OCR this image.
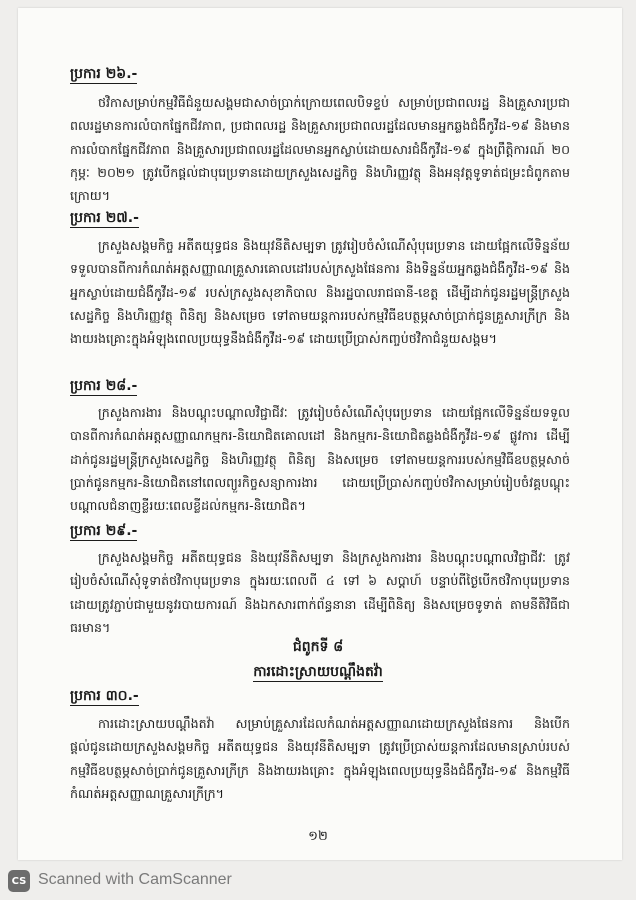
ប្រការ ២៦.-
ថវិកាសម្រាប់កម្មវិធីជំនួយសង្គមជាសាច់ប្រាក់ក្រោយពេលបិទខ្ទប់ សម្រាប់ប្រជាពលរដ្ឋ និងគ្រួសារប្រជាពលរដ្ឋមានការលំបាកផ្នែកជីវភាព, ប្រជាពលរដ្ឋ និងគ្រួសារប្រជាពលរដ្ឋដែលមានអ្នកឆ្លងជំងឺកូវីដ-១៩ និងមានការលំបាកផ្នែកជីវភាព និងគ្រួសារប្រជាពលរដ្ឋដែលមានអ្នកស្លាប់ដោយសារជំងឺកូវីដ-១៩ ក្នុងព្រឹត្តិការណ៍ ២០ កុម្ភៈ ២០២១ ត្រូវបើកផ្តល់ជាបុរេប្រទានដោយក្រសួងសេដ្ឋកិច្ច និងហិរញ្ញវត្ថុ និងអនុវត្តទូទាត់ជម្រះជំពូកតាមក្រោយ។
ប្រការ ២៧.-
ក្រសួងសង្គមកិច្ច អតីតយុទ្ធជន និងយុវនីតិសម្បទា ត្រូវរៀបចំសំណើសុំបុរេប្រទាន ដោយផ្អែកលើទិន្នន័យទទួលបានពីការកំណត់អត្តសញ្ញាណគ្រួសារគោលដៅរបស់ក្រសួងផែនការ និងទិន្នន័យអ្នកឆ្លងជំងឺកូវីដ-១៩ និងអ្នកស្លាប់ដោយជំងឺកូវីដ-១៩ របស់ក្រសួងសុខាភិបាល និងរដ្ឋបាលរាជធានី-ខេត្ត ដើម្បីដាក់ជូនរដ្ឋមន្រ្តីក្រសួងសេដ្ឋកិច្ច និងហិរញ្ញវត្ថុ ពិនិត្យ និងសម្រេច ទៅតាមយន្តការរបស់កម្មវិធីឧបត្ថម្ភសាច់ប្រាក់ជូនគ្រួសារក្រីក្រ និងងាយរងគ្រោះក្នុងអំឡុងពេលប្រយុទ្ធនឹងជំងឺកូវីដ-១៩ ដោយប្រើប្រាស់កញ្ចប់ថវិកាជំនួយសង្គម។
ប្រការ ២៨.-
ក្រសួងការងារ និងបណ្តុះបណ្តាលវិជ្ជាជីវៈ ត្រូវរៀបចំសំណើសុំបុរេប្រទាន ដោយផ្អែកលើទិន្នន័យទទួលបានពីការកំណត់អត្តសញ្ញាណកម្មករ-និយោជិតគោលដៅ និងកម្មករ-និយោជិតឆ្លងជំងឺកូវីដ-១៩ ផ្លូវការ ដើម្បីដាក់ជូនរដ្ឋមន្រ្តីក្រសួងសេដ្ឋកិច្ច និងហិរញ្ញវត្ថុ ពិនិត្យ និងសម្រេច ទៅតាមយន្តការរបស់កម្មវិធីឧបត្ថម្ភសាច់ប្រាក់ជូនកម្មករ-និយោជិតនៅពេលព្យួរកិច្ចសន្យាការងារ ដោយប្រើប្រាស់កញ្ចប់ថវិកាសម្រាប់រៀបចំវគ្គបណ្តុះបណ្តាលជំនាញខ្លីរយៈពេលខ្លីដល់កម្មករ-និយោជិត។
ប្រការ ២៩.-
ក្រសួងសង្គមកិច្ច អតីតយុទ្ធជន និងយុវនីតិសម្បទា និងក្រសួងការងារ និងបណ្តុះបណ្តាលវិជ្ជាជីវៈ ត្រូវរៀបចំសំណើសុំទូទាត់ថវិកាបុរេប្រទាន ក្នុងរយៈពេលពី ៤ ទៅ ៦ សប្តាហ៍ បន្ទាប់ពីថ្ងៃបើកថវិកាបុរេប្រទាន ដោយត្រូវភ្ជាប់ជាមួយនូវរបាយការណ៍ និងឯកសារពាក់ព័ន្ធនានា ដើម្បីពិនិត្យ និងសម្រេចទូទាត់ តាមនីតិវិធីជាធរមាន។
ជំពូកទី ៨
ការដោះស្រាយបណ្តឹងតវ៉ា
ប្រការ ៣០.-
ការដោះស្រាយបណ្តឹងតវ៉ា សម្រាប់គ្រួសារដែលកំណត់អត្តសញ្ញាណដោយក្រសួងផែនការ និងបើកផ្តល់ជូនដោយក្រសួងសង្គមកិច្ច អតីតយុទ្ធជន និងយុវនីតិសម្បទា ត្រូវប្រើប្រាស់យន្តការដែលមានស្រាប់របស់កម្មវិធីឧបត្ថម្ភសាច់ប្រាក់ជូនគ្រួសារក្រីក្រ និងងាយរងគ្រោះ ក្នុងអំឡុងពេលប្រយុទ្ធនឹងជំងឺកូវីដ-១៩ និងកម្មវិធីកំណត់អត្តសញ្ញាណគ្រួសារក្រីក្រ។
១២
CS Scanned with CamScanner
